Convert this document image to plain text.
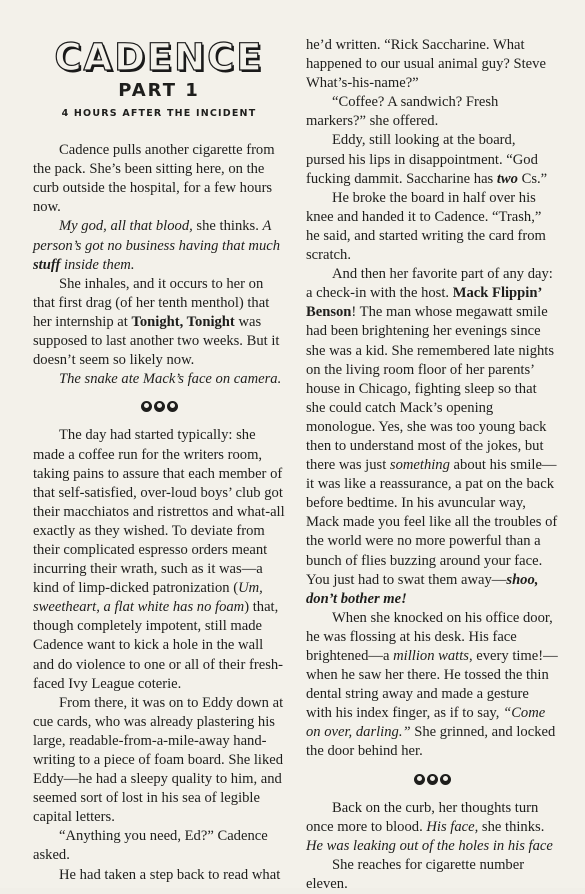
CADENCE
PART 1
4 HOURS AFTER THE INCIDENT

Cadence pulls another cigarette from the pack. She’s been sitting here, on the curb outside the hospital, for a few hours now.

My god, all that blood, she thinks. A person’s got no business having that much stuff inside them.

She inhales, and it occurs to her on that first drag (of her tenth menthol) that her internship at Tonight, Tonight was supposed to last another two weeks. But it doesn’t seem so likely now.

The snake ate Mack’s face on camera.

The day had started typically: she made a coffee run for the writers room, taking pains to assure that each member of that self-satisfied, over-loud boys’ club got their macchiatos and ristrettos and what-all exactly as they wished. To deviate from their complicated espresso orders meant incurring their wrath, such as it was—a kind of limp-dicked patronization (Um, sweetheart, a flat white has no foam) that, though completely impotent, still made Cadence want to kick a hole in the wall and do violence to one or all of their fresh-faced Ivy League coterie.

From there, it was on to Eddy down at cue cards, who was already plastering his large, readable-from-a-mile-away hand-writing to a piece of foam board. She liked Eddy—he had a sleepy quality to him, and seemed sort of lost in his sea of legible capital letters.

“Anything you need, Ed?” Cadence asked.

He had taken a step back to read what

he’d written. “Rick Saccharine. What happened to our usual animal guy? Steve What’s-his-name?”

“Coffee? A sandwich? Fresh markers?” she offered.

Eddy, still looking at the board, pursed his lips in disappointment. “God fucking dammit. Saccharine has two Cs.”

He broke the board in half over his knee and handed it to Cadence. “Trash,” he said, and started writing the card from scratch.

And then her favorite part of any day: a check-in with the host. Mack Flippin’ Benson! The man whose megawatt smile had been brightening her evenings since she was a kid. She remembered late nights on the living room floor of her parents’ house in Chicago, fighting sleep so that she could catch Mack’s opening monologue. Yes, she was too young back then to understand most of the jokes, but there was just something about his smile—it was like a reassurance, a pat on the back before bedtime. In his avuncular way, Mack made you feel like all the troubles of the world were no more powerful than a bunch of flies buzzing around your face. You just had to swat them away—shoo, don’t bother me!

When she knocked on his office door, he was flossing at his desk. His face brightened—a million watts, every time!—when he saw her there. He tossed the thin dental string away and made a gesture with his index finger, as if to say, “Come on over, darling.” She grinned, and locked the door behind her.

Back on the curb, her thoughts turn once more to blood. His face, she thinks. He was leaking out of the holes in his face

She reaches for cigarette number eleven.
